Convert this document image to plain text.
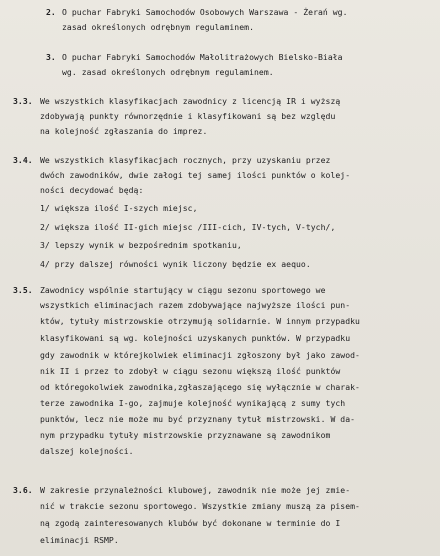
2. O puchar Fabryki Samochodów Osobowych Warszawa - Żerań wg.
zasad określonych odrębnym regulaminem.
3. O puchar Fabryki Samochodów Małolitrażowych Bielsko-Biała
wg. zasad określonych odrębnym regulaminem.
3.3. We wszystkich klasyfikacjach zawodnicy z licencją IR i wyższą
zdobywają punkty równorzędnie i klasyfikowani są bez względu
na kolejność zgłaszania do imprez.
3.4. We wszystkich klasyfikacjach rocznych, przy uzyskaniu przez
dwóch zawodników, dwie załogi tej samej ilości punktów o kolej-
ności decydować będą:
1/ większa ilość I-szych miejsc,
2/ większa ilość II-gich miejsc /III-cich, IV-tych, V-tych/,
3/ lepszy wynik w bezpośrednim spotkaniu,
4/ przy dalszej równości wynik liczony będzie ex aequo.
3.5. Zawodnicy wspólnie startujący w ciągu sezonu sportowego we
wszystkich eliminacjach razem zdobywające najwyższe ilości pun-
któw, tytuły mistrzowskie otrzymują solidarnie. W innym przypadku
klasyfikowani są wg. kolejności uzyskanych punktów. W przypadku
gdy zawodnik w którejkolwiek eliminacji zgłoszony był jako zawod-
nik II i przez to zdobył w ciągu sezonu większą ilość punktów
od któregokolwiek zawodnika,zgłaszającego się wyłącznie w charak-
terze zawodnika I-go, zajmuje kolejność wynikającą z sumy tych
punktów, lecz nie może mu być przyznany tytuł mistrzowski. W da-
nym przypadku tytuły mistrzowskie przyznawane są zawodnikom
dalszej kolejności.
3.6. W zakresie przynależności klubowej, zawodnik nie może jej zmie-
nić w trakcie sezonu sportowego. Wszystkie zmiany muszą za pisem-
ną zgodą zainteresowanych klubów być dokonane w terminie do I
eliminacji RSMP.
